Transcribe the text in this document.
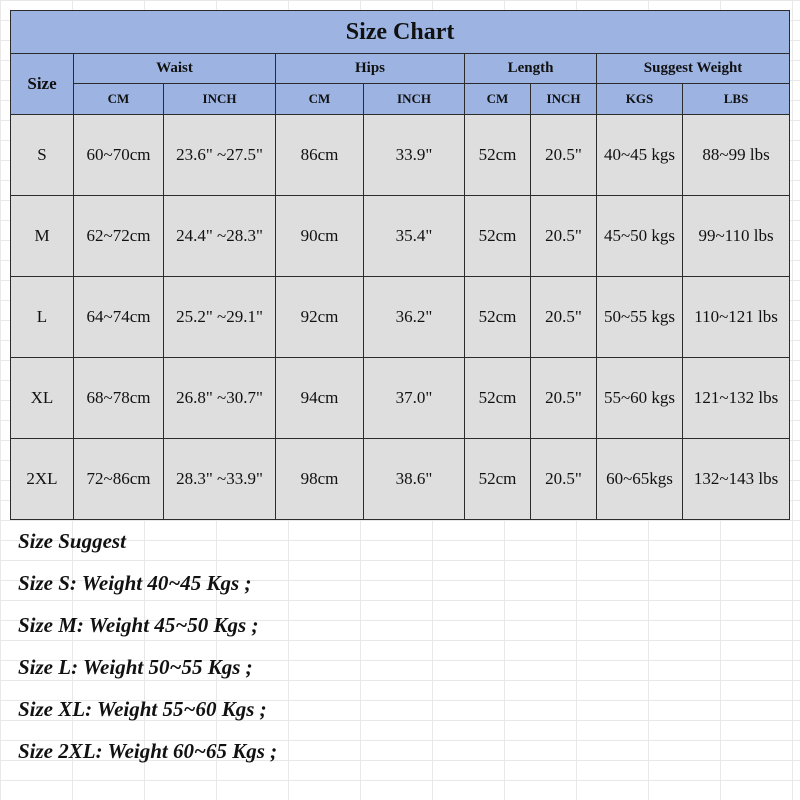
Size Chart								
Size	Waist		Hips		Length		Suggest Weight	
	CM	INCH	CM	INCH	CM	INCH	KGS	LBS
S	60~70cm	23.6" ~27.5"	86cm	33.9"	52cm	20.5"	40~45 kgs	88~99 lbs
M	62~72cm	24.4" ~28.3"	90cm	35.4"	52cm	20.5"	45~50 kgs	99~110 lbs
L	64~74cm	25.2" ~29.1"	92cm	36.2"	52cm	20.5"	50~55 kgs	110~121 lbs
XL	68~78cm	26.8" ~30.7"	94cm	37.0"	52cm	20.5"	55~60 kgs	121~132 lbs
2XL	72~86cm	28.3" ~33.9"	98cm	38.6"	52cm	20.5"	60~65kgs	132~143 lbs
Size Suggest
Size S: Weight 40~45 Kgs ;
Size M: Weight 45~50 Kgs ;
Size L: Weight 50~55 Kgs ;
Size XL: Weight 55~60 Kgs ;
Size 2XL: Weight 60~65 Kgs ;
